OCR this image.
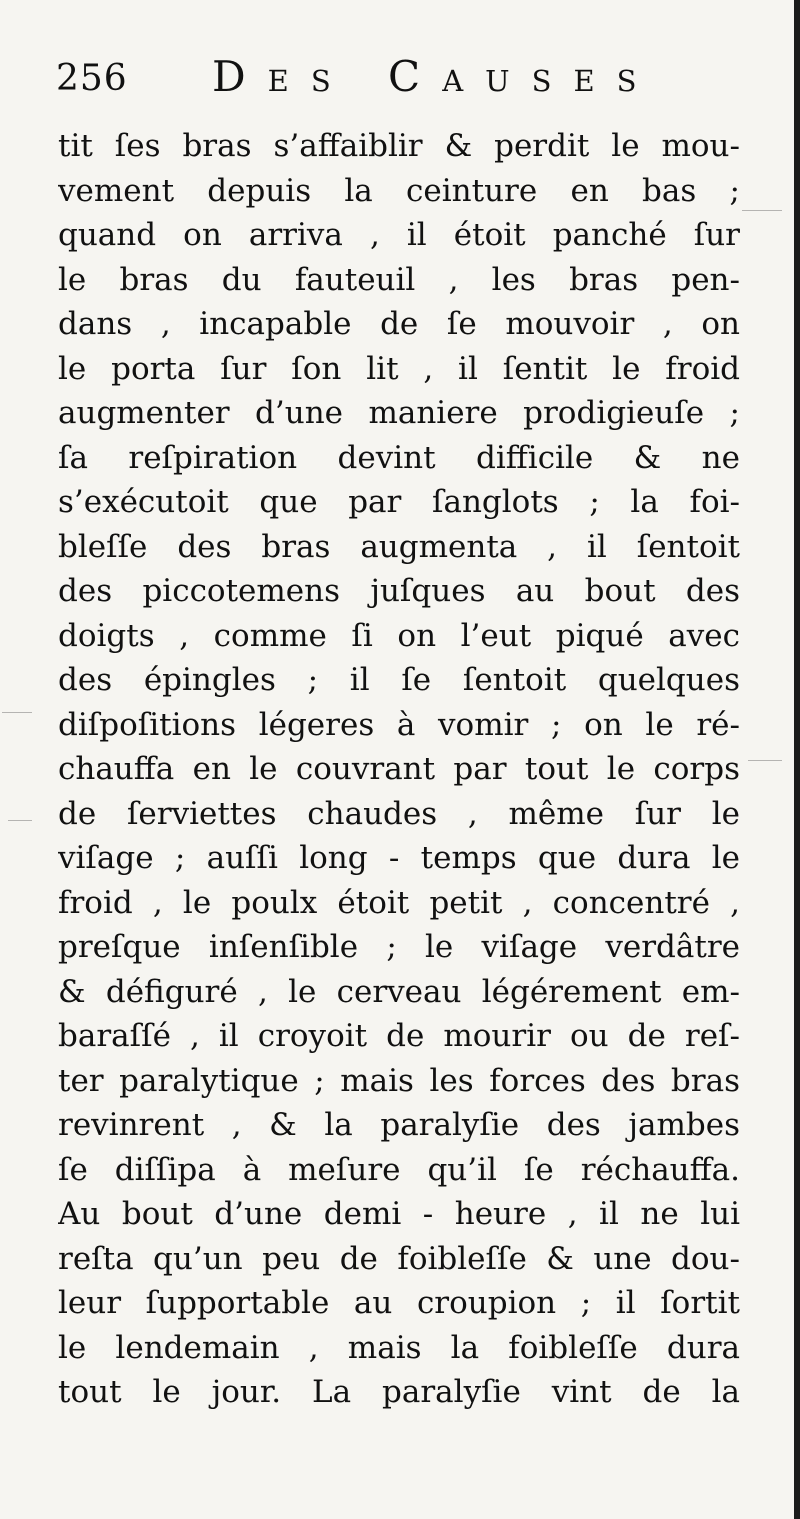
256 Des Causes
tit ſes bras s’affaiblir & perdit le mou-
vement depuis la ceinture en bas ;
quand on arriva , il étoit panché ſur
le bras du fauteuil , les bras pen-
dans , incapable de ſe mouvoir , on
le porta ſur ſon lit , il ſentit le froid
augmenter d’une maniere prodigieuſe ;
ſa reſpiration devint difficile & ne
s’exécutoit que par ſanglots ; la foi-
bleſſe des bras augmenta , il ſentoit
des piccotemens juſques au bout des
doigts , comme ſi on l’eut piqué avec
des épingles ; il ſe ſentoit quelques
diſpoſitions légeres à vomir ; on le ré-
chauffa en le couvrant par tout le corps
de ſerviettes chaudes , même ſur le
viſage ; auſſi long - temps que dura le
froid , le poulx étoit petit , concentré ,
preſque inſenſible ; le viſage verdâtre
& défiguré , le cerveau légérement em-
baraſſé , il croyoit de mourir ou de reſ-
ter paralytique ; mais les forces des bras
revinrent , & la paralyſie des jambes
ſe diſſipa à meſure qu’il ſe réchauffa.
Au bout d’une demi - heure , il ne lui
reſta qu’un peu de foibleſſe & une dou-
leur ſupportable au croupion ; il ſortit
le lendemain , mais la foibleſſe dura
tout le jour. La paralyſie vint de la
